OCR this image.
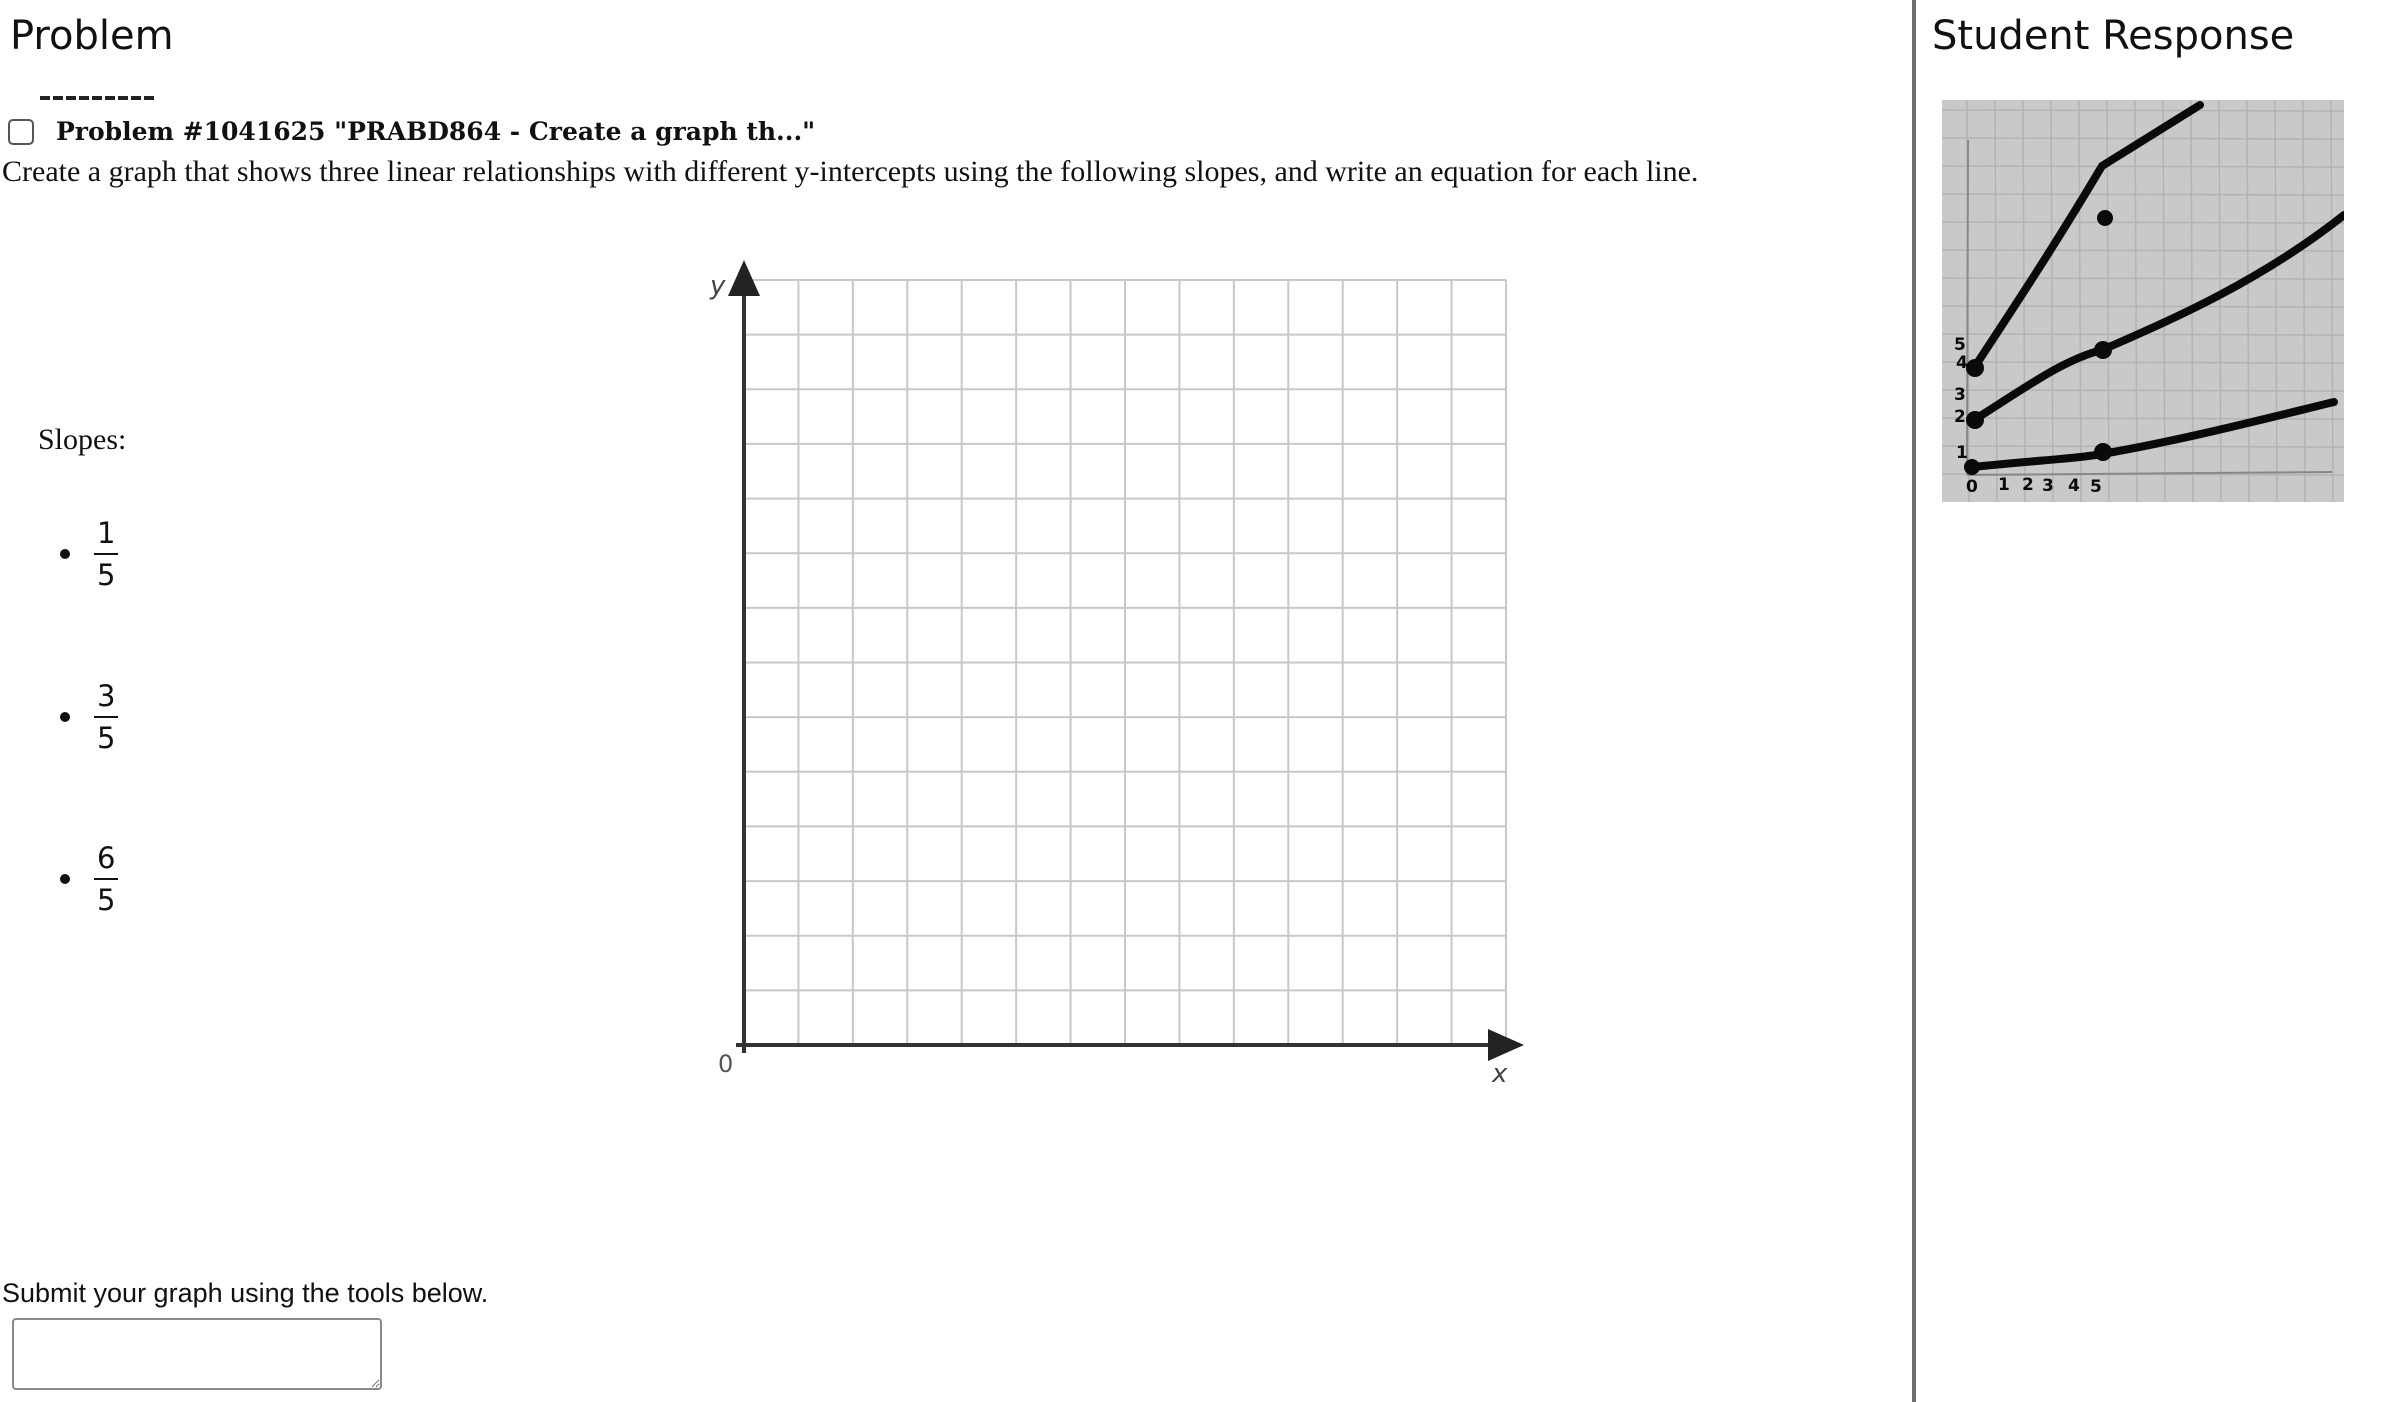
Problem
Problem #1041625 "PRABD864 - Create a graph th..."
Create a graph that shows three linear relationships with different y-intercepts using the following slopes, and write an equation for each line.
Slopes:
$\frac{1}{5}$
$\frac{3}{5}$
$\frac{6}{5}$
y
x
0
Submit your graph using the tools below.
Student Response
5
4
3
2
1
0 1 2 3 4 5
